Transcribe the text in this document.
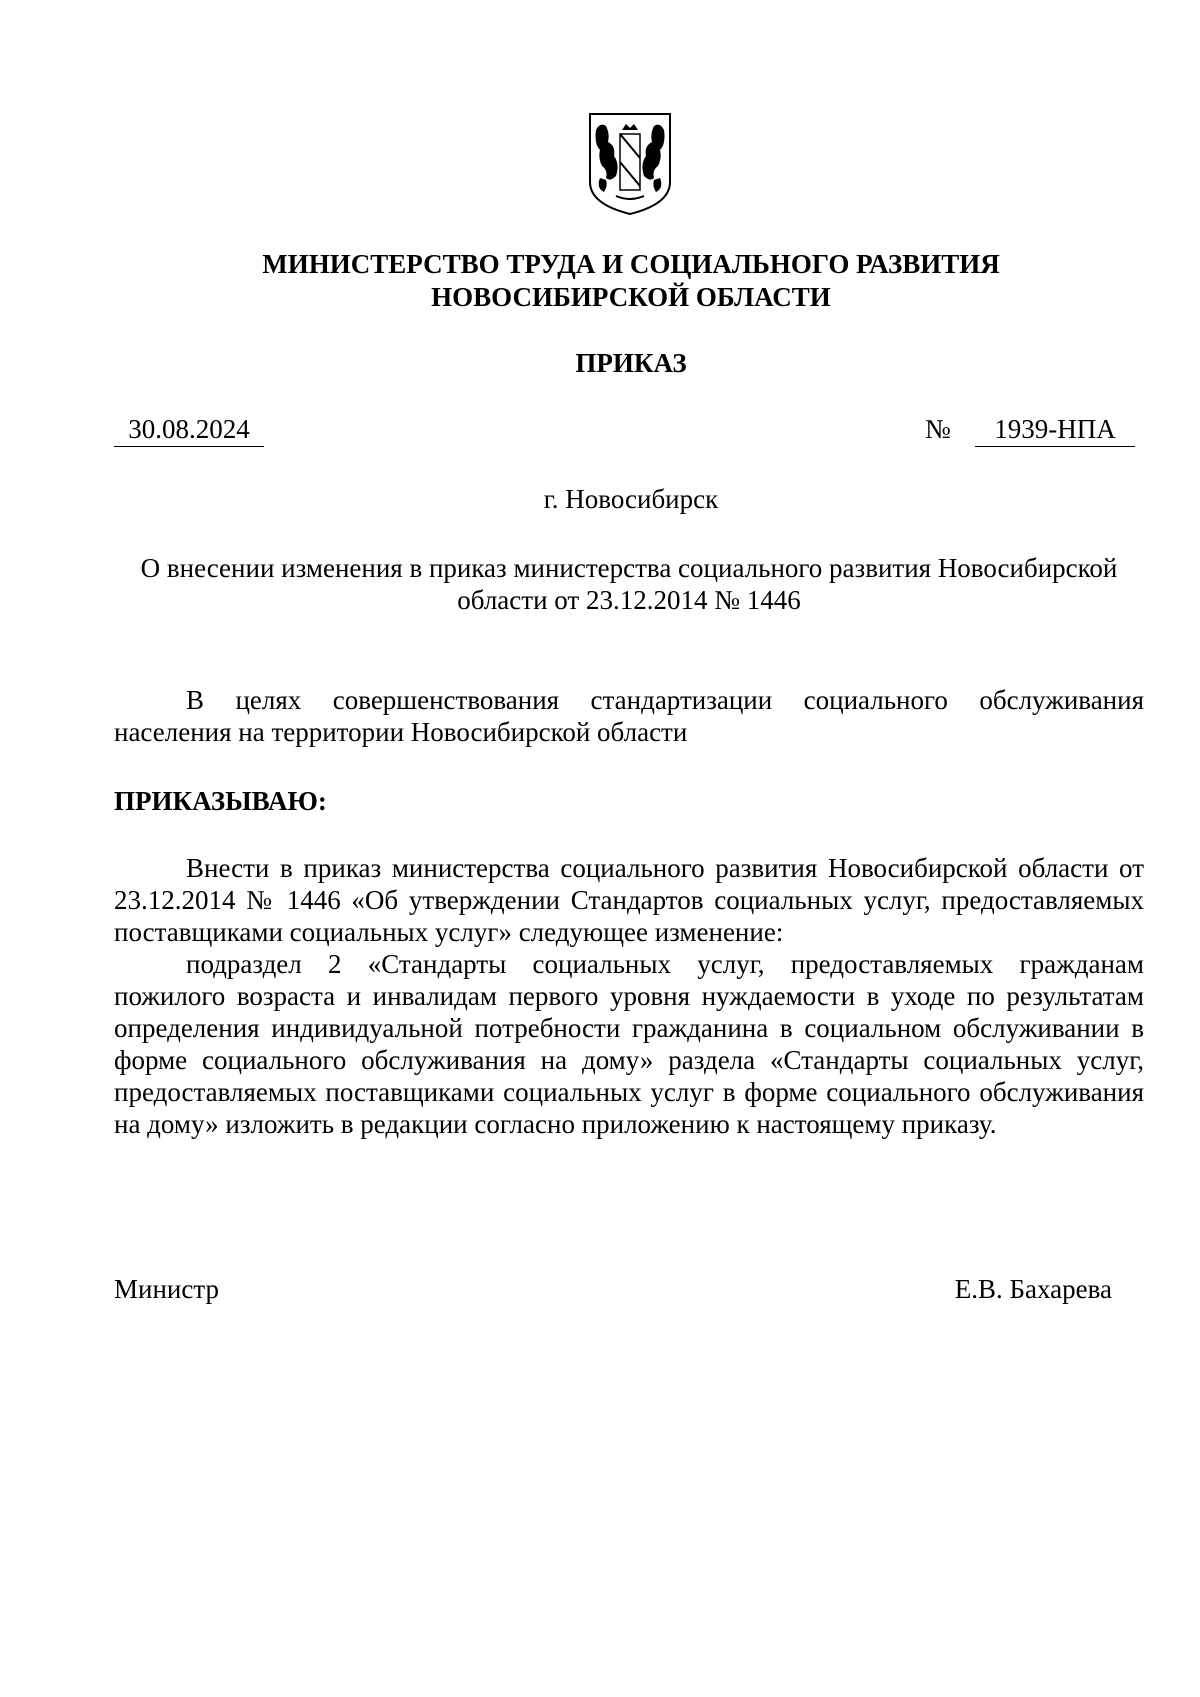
МИНИСТЕРСТВО ТРУДА И СОЦИАЛЬНОГО РАЗВИТИЯ
НОВОСИБИРСКОЙ ОБЛАСТИ
ПРИКАЗ
30.08.2024	№	1939-НПА
г. Новосибирск
О внесении изменения в приказ министерства социального развития Новосибирской
области от 23.12.2014 № 1446
В целях совершенствования стандартизации социального обслуживания населения на территории Новосибирской области
ПРИКАЗЫВАЮ:
Внести в приказ министерства социального развития Новосибирской области от 23.12.2014 № 1446 «Об утверждении Стандартов социальных услуг, предоставляемых поставщиками социальных услуг» следующее изменение:
подраздел 2 «Стандарты социальных услуг, предоставляемых гражданам пожилого возраста и инвалидам первого уровня нуждаемости в уходе по результатам определения индивидуальной потребности гражданина в социальном обслуживании в форме социального обслуживания на дому» раздела «Стандарты социальных услуг, предоставляемых поставщиками социальных услуг в форме социального обслуживания на дому» изложить в редакции согласно приложению к настоящему приказу.
Министр	Е.В. Бахарева
